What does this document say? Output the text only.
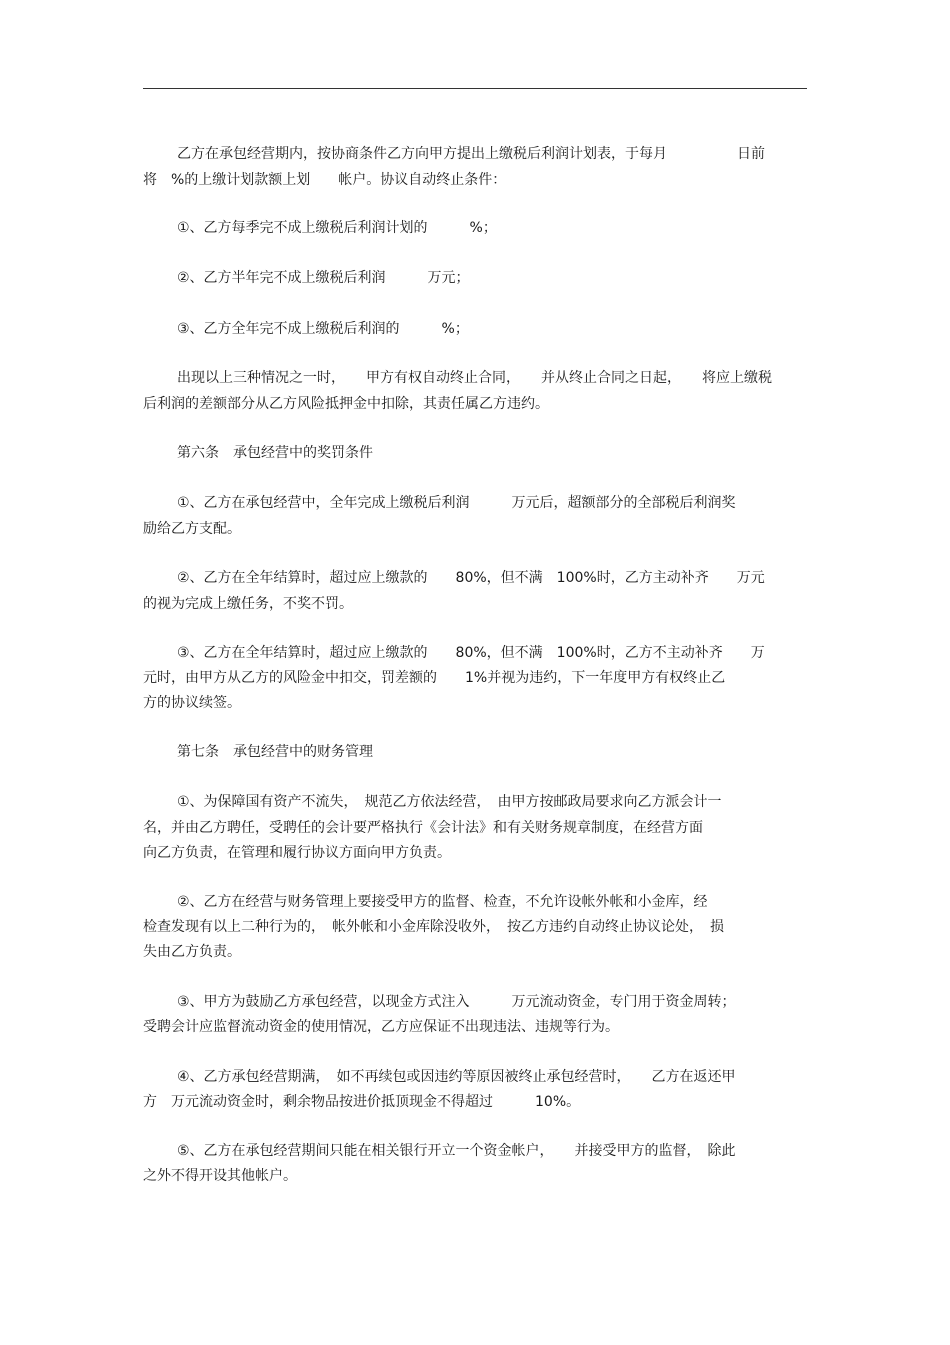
乙方在承包经营期内，按协商条件乙方向甲方提出上缴税后利润计划表，于每月　　　　　日前
将　%的上缴计划款额上划　　帐户。协议自动终止条件：
①、乙方每季完不成上缴税后利润计划的　　　%；
②、乙方半年完不成上缴税后利润　　　万元；
③、乙方全年完不成上缴税后利润的　　　%；
出现以上三种情况之一时，　　甲方有权自动终止合同，　　并从终止合同之日起，　　将应上缴税
后利润的差额部分从乙方风险抵押金中扣除，其责任属乙方违约。
第六条　承包经营中的奖罚条件
①、乙方在承包经营中，全年完成上缴税后利润　　　万元后，超额部分的全部税后利润奖
励给乙方支配。
②、乙方在全年结算时，超过应上缴款的　　80%，但不满　100%时，乙方主动补齐　　万元
的视为完成上缴任务，不奖不罚。
③、乙方在全年结算时，超过应上缴款的　　80%，但不满　100%时，乙方不主动补齐　　万
元时，由甲方从乙方的风险金中扣交，罚差额的　　1%并视为违约，下一年度甲方有权终止乙
方的协议续签。
第七条　承包经营中的财务管理
①、为保障国有资产不流失，　规范乙方依法经营，　由甲方按邮政局要求向乙方派会计一
名，并由乙方聘任，受聘任的会计要严格执行《会计法》和有关财务规章制度，在经营方面
向乙方负责，在管理和履行协议方面向甲方负责。
②、乙方在经营与财务管理上要接受甲方的监督、检查，不允许设帐外帐和小金库，经
检查发现有以上二种行为的，　帐外帐和小金库除没收外，　按乙方违约自动终止协议论处，　损
失由乙方负责。
③、甲方为鼓励乙方承包经营，以现金方式注入　　　万元流动资金，专门用于资金周转；
受聘会计应监督流动资金的使用情况，乙方应保证不出现违法、违规等行为。
④、乙方承包经营期满，　如不再续包或因违约等原因被终止承包经营时，　　乙方在返还甲
方　万元流动资金时，剩余物品按进价抵顶现金不得超过　　　10%。
⑤、乙方在承包经营期间只能在相关银行开立一个资金帐户，　　并接受甲方的监督，　除此
之外不得开设其他帐户。
